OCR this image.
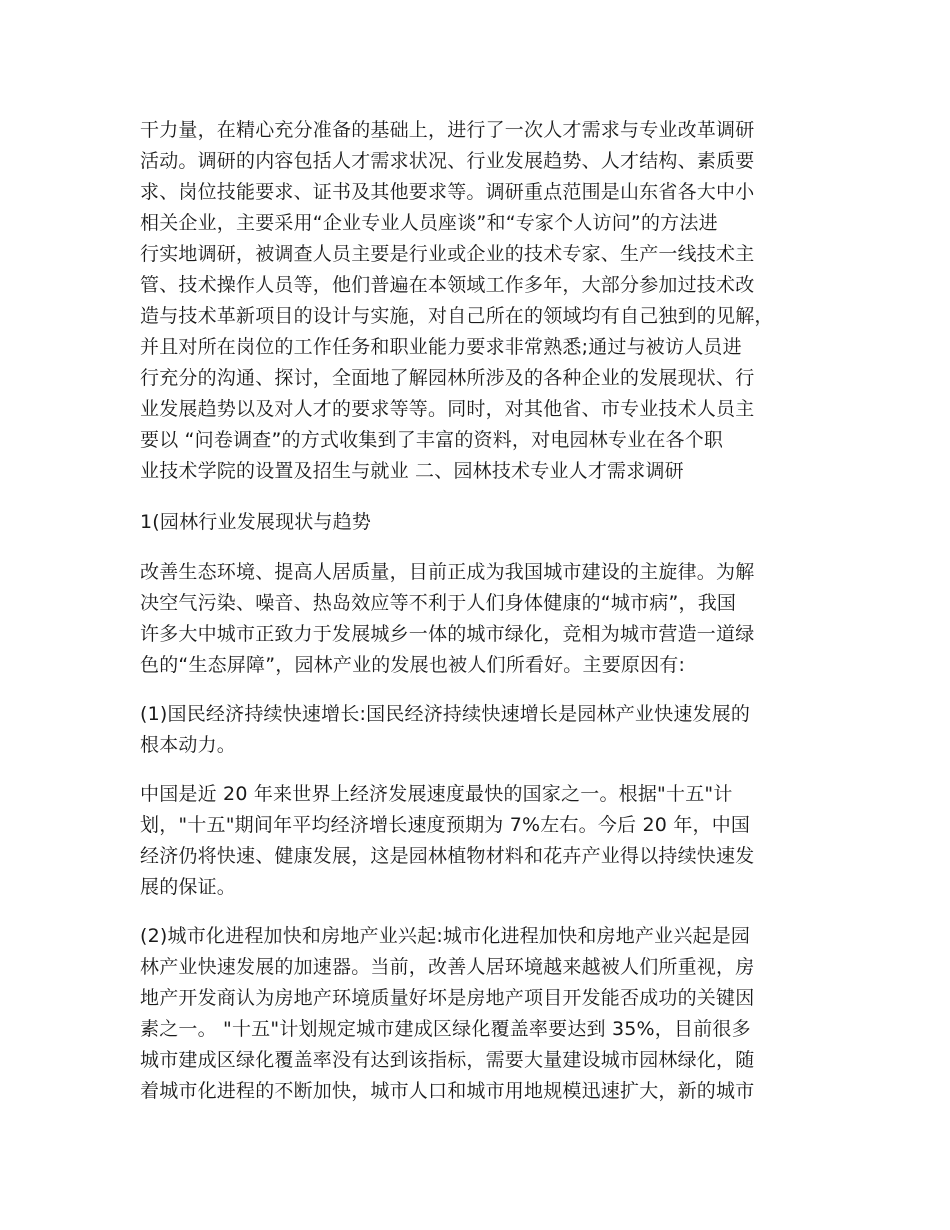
干力量，在精心充分准备的基础上，进行了一次人才需求与专业改革调研
活动。调研的内容包括人才需求状况、行业发展趋势、人才结构、素质要
求、岗位技能要求、证书及其他要求等。调研重点范围是山东省各大中小
相关企业，主要采用“企业专业人员座谈”和“专家个人访问”的方法进
行实地调研，被调查人员主要是行业或企业的技术专家、生产一线技术主
管、技术操作人员等，他们普遍在本领域工作多年，大部分参加过技术改
造与技术革新项目的设计与实施，对自己所在的领域均有自己独到的见解，
并且对所在岗位的工作任务和职业能力要求非常熟悉;通过与被访人员进
行充分的沟通、探讨，全面地了解园林所涉及的各种企业的发展现状、行
业发展趋势以及对人才的要求等等。同时，对其他省、市专业技术人员主
要以 “问卷调查”的方式收集到了丰富的资料，对电园林专业在各个职
业技术学院的设置及招生与就业 二、园林技术专业人才需求调研
1(园林行业发展现状与趋势
改善生态环境、提高人居质量，目前正成为我国城市建设的主旋律。为解
决空气污染、噪音、热岛效应等不利于人们身体健康的“城市病”，我国
许多大中城市正致力于发展城乡一体的城市绿化，竞相为城市营造一道绿
色的“生态屏障”，园林产业的发展也被人们所看好。主要原因有:
(1)国民经济持续快速增长:国民经济持续快速增长是园林产业快速发展的
根本动力。
中国是近 20 年来世界上经济发展速度最快的国家之一。根据"十五"计
划，"十五"期间年平均经济增长速度预期为 7%左右。今后 20 年，中国
经济仍将快速、健康发展，这是园林植物材料和花卉产业得以持续快速发
展的保证。
(2)城市化进程加快和房地产业兴起:城市化进程加快和房地产业兴起是园
林产业快速发展的加速器。当前，改善人居环境越来越被人们所重视，房
地产开发商认为房地产环境质量好坏是房地产项目开发能否成功的关键因
素之一。 "十五"计划规定城市建成区绿化覆盖率要达到 35%，目前很多
城市建成区绿化覆盖率没有达到该指标，需要大量建设城市园林绿化，随
着城市化进程的不断加快，城市人口和城市用地规模迅速扩大，新的城市
